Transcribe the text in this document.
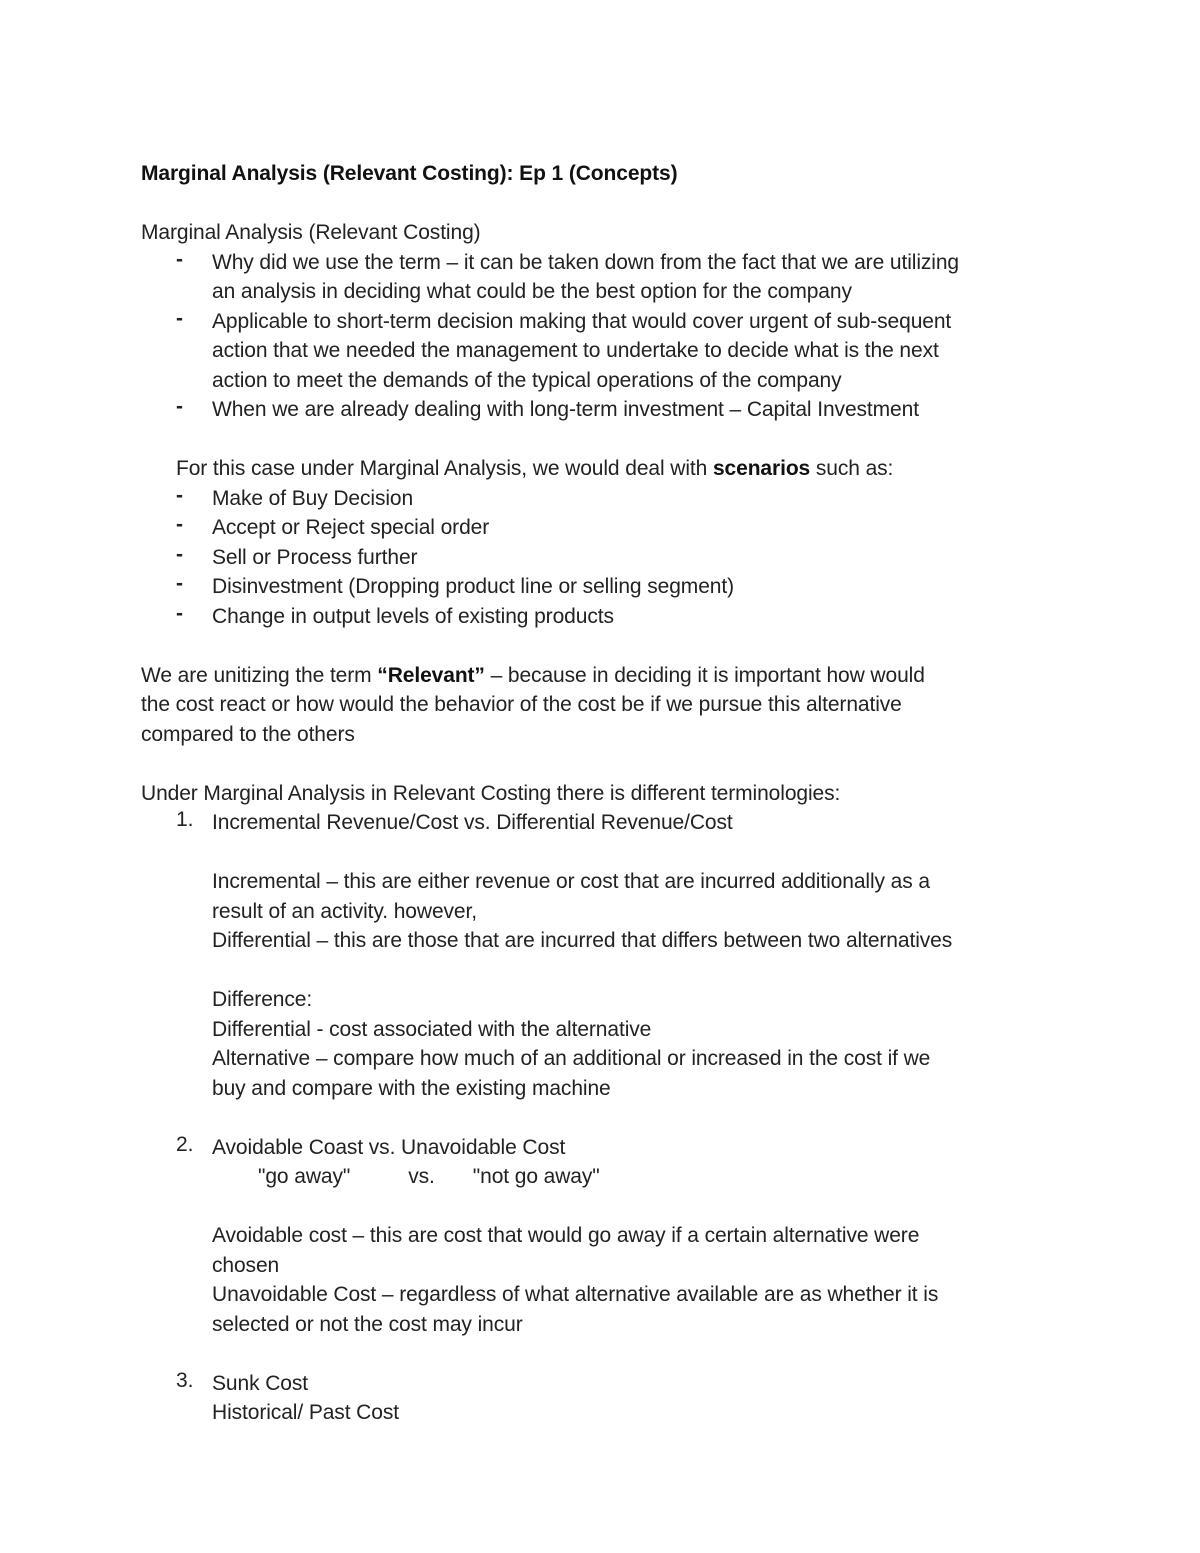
Marginal Analysis (Relevant Costing): Ep 1 (Concepts)
Marginal Analysis (Relevant Costing)
- Why did we use the term – it can be taken down from the fact that we are utilizing
an analysis in deciding what could be the best option for the company
- Applicable to short-term decision making that would cover urgent of sub-sequent
action that we needed the management to undertake to decide what is the next
action to meet the demands of the typical operations of the company
- When we are already dealing with long-term investment – Capital Investment
For this case under Marginal Analysis, we would deal with scenarios such as:
- Make of Buy Decision
- Accept or Reject special order
- Sell or Process further
- Disinvestment (Dropping product line or selling segment)
- Change in output levels of existing products
We are unitizing the term “Relevant” – because in deciding it is important how would
the cost react or how would the behavior of the cost be if we pursue this alternative
compared to the others
Under Marginal Analysis in Relevant Costing there is different terminologies:
1. Incremental Revenue/Cost vs. Differential Revenue/Cost
Incremental – this are either revenue or cost that are incurred additionally as a
result of an activity. however,
Differential – this are those that are incurred that differs between two alternatives
Difference:
Differential - cost associated with the alternative
Alternative – compare how much of an additional or increased in the cost if we
buy and compare with the existing machine
2. Avoidable Coast vs. Unavoidable Cost
"go away"	vs. "not go away"
Avoidable cost – this are cost that would go away if a certain alternative were
chosen
Unavoidable Cost – regardless of what alternative available are as whether it is
selected or not the cost may incur
3. Sunk Cost
Historical/ Past Cost
